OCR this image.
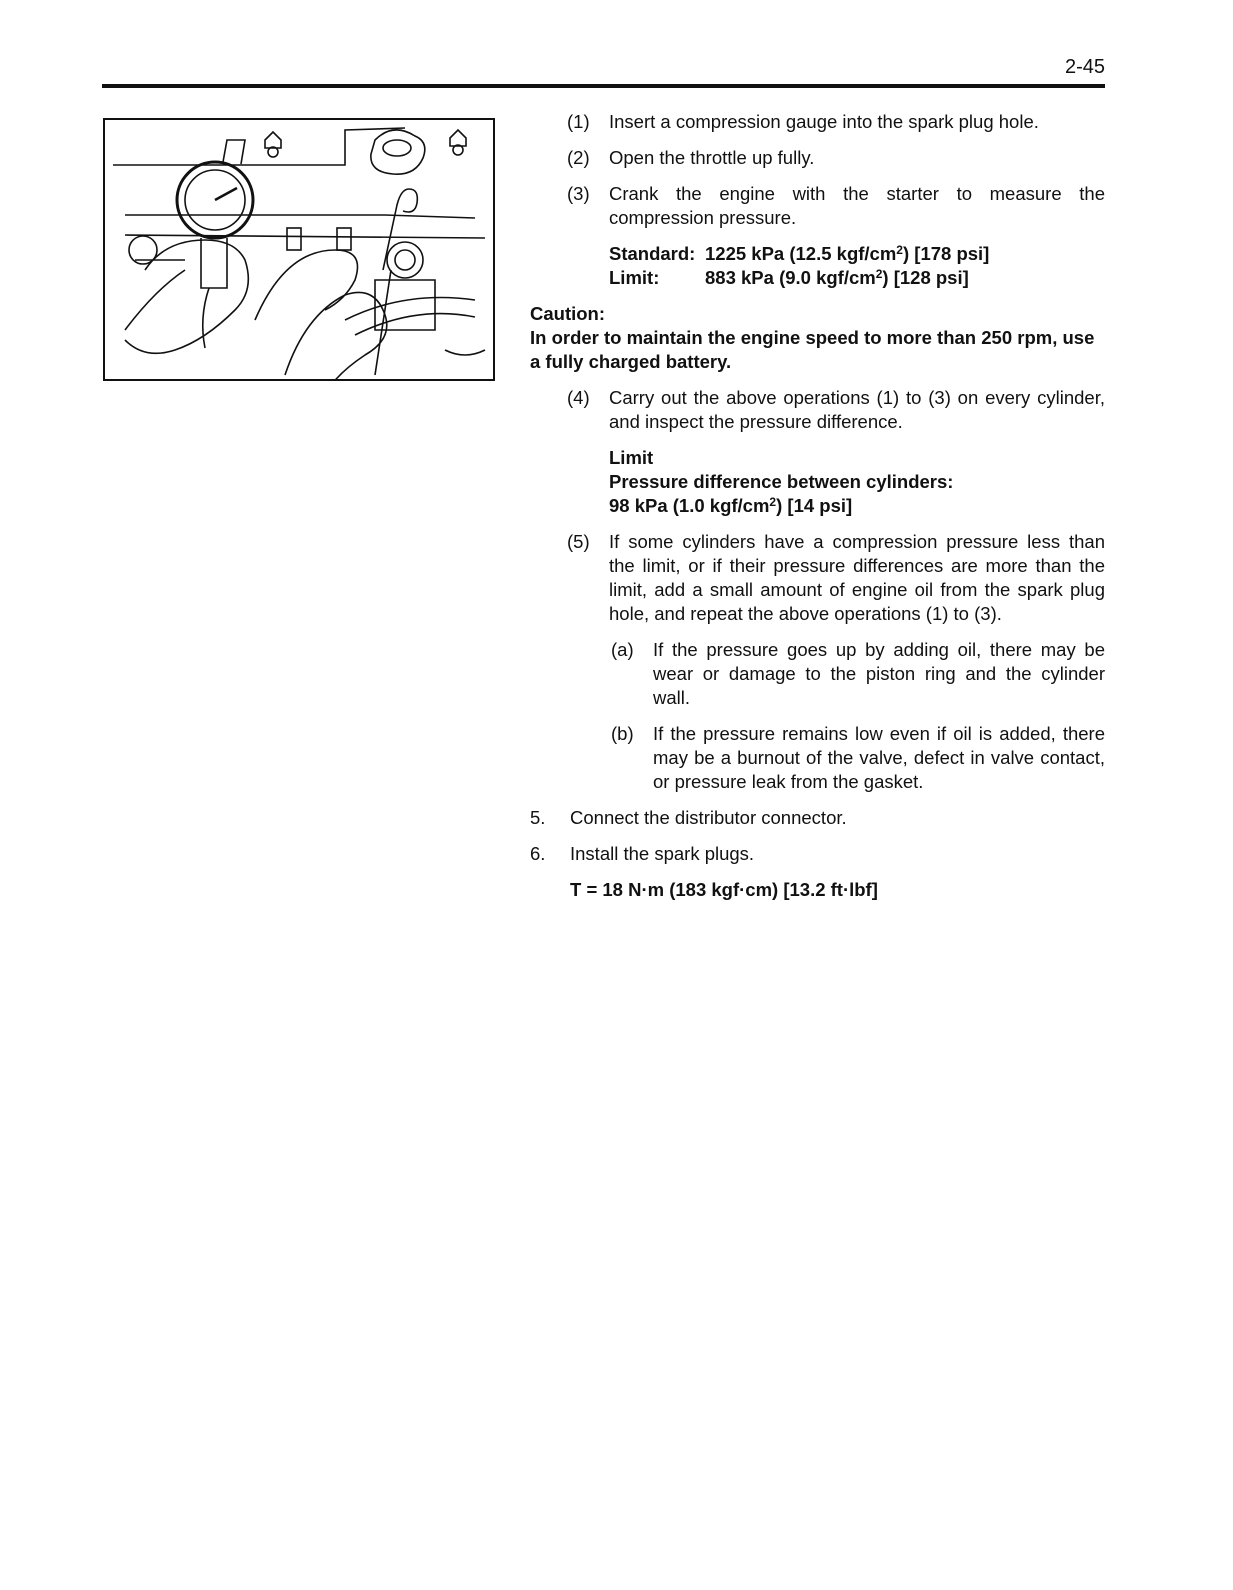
2-45
(1) Insert a compression gauge into the spark plug hole.
(2) Open the throttle up fully.
(3) Crank the engine with the starter to measure the compression pressure.
Standard: 1225 kPa (12.5 kgf/$cm^2$) [178 psi]
Limit: 883 kPa (9.0 kgf/$cm^2$) [128 psi]
Caution:
In order to maintain the engine speed to more than 250 rpm, use a fully charged battery.
(4) Carry out the above operations (1) to (3) on every cylinder, and inspect the pressure difference.
Limit
Pressure difference between cylinders:
98 kPa (1.0 kgf/$cm^2$) [14 psi]
(5) If some cylinders have a compression pressure less than the limit, or if their pressure differences are more than the limit, add a small amount of engine oil from the spark plug hole, and repeat the above operations (1) to (3).
(a) If the pressure goes up by adding oil, there may be wear or damage to the piston ring and the cylinder wall.
(b) If the pressure remains low even if oil is added, there may be a burnout of the valve, defect in valve contact, or pressure leak from the gasket.
5. Connect the distributor connector.
6. Install the spark plugs.
T = 18 N·m (183 kgf·cm) [13.2 ft·lbf]
